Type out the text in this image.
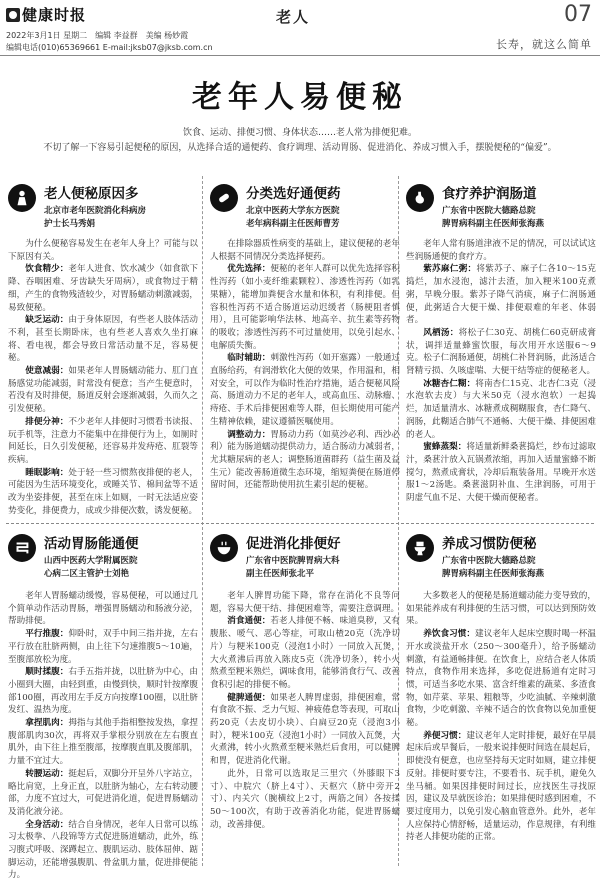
健康时报	老人	07
2022年3月1日 星期二　编辑 李益群　美编 杨妙霞
编辑电话(010)65369661 E-mail:jksb07@jksb.com.cn	长寿，就这么简单
老年人易便秘
饮食、运动、排便习惯、身体状态……老人常为排便犯难。
不切了解一下容易引起便秘的原因，从选择合适的通便药、食疗调理、活动胃肠、促进消化、养成习惯入手，摆脱便秘的“偏爱”。
老人便秘原因多
北京市老年医院消化科病房
护士长马秀娟

为什么便秘容易发生在老年人身上？可能与以下原因有关。

饮食精少：老年人进食、饮水减少（如食欲下降、吞咽困难、牙齿缺失牙周病），或食物过于精细，产生的食物残渣较少，对胃肠蠕动刺激减弱，易致便秘。

缺乏运动：由于身体原因，有些老人肢体活动不利，甚至长期卧床，也有些老人喜欢久坐打麻将、看电视，都会导致日常活动量不足，容易便秘。

使意减弱：如果老年人胃肠蠕动能力、肛门直肠感觉功能减弱，时常没有便意；当产生便意时，若没有及时排便，肠道反射会逐渐减弱，久而久之引发便秘。

排便分神：不少老年人排便时习惯看书读报、玩手机等，注意力不能集中在排便行为上，如厕时间延长，日久引发便秘，还容易并发痔疮、肛裂等疾病。

睡眠影响：处于轻一些习惯熬夜排便的老人，可能因为生活环境变化，或睡关节、棉间盆等不适改为坐姿排便，甚至在床上如厕，一时无法适应姿势变化，排便费力，成或少排便次数，诱发便秘。

分类选好通便药
北京中医药大学东方医院
老年病科副主任医师曹芳

在排除器质性病变的基础上，建议便秘的老年人根据不同情况分类选择便药。

优先选择：便秘的老年人群可以优先选择容积性泻药（如小麦纤维素颗粒）、渗透性泻药（如乳果糖），能增加粪便含水量和体积，有利排便。但容积性泻药不适合肠道运动迟缓者（肠梗阻者慎用），且可能影响华法林、地高辛、抗生素等药物的吸收；渗透性泻药不可过量使用，以免引起水、电解质失衡。

临时辅助：刺激性泻药（如开塞露）一般通过直肠给药，有润滑软化大便的效果，作用温和，相对安全，可以作为临时性治疗措施，适合便秘风险高、肠道动力不足的老年人，或高血压、动脉瘤、痔疮、手术后排便困难等人群，但长期使用可能产生精神依赖，建议遵循医嘱使用。

调整动力：胃肠动力药（如莫沙必利、西沙必利）能为肠道蠕动提供动力，适合肠动力减弱者，尤其糖尿病的老人；调整肠道菌群药（益生菌及益生元）能改善肠道微生态环境，缩短粪便在肠道停留时间，还能帮助使用抗生素引起的便秘。

食疗养护润肠道
广东省中医院大德路总院
脾胃病科副主任医师张海燕

老年人常有肠道津液不足的情况，可以试试这些润肠通便的食疗方。

紫苏麻仁粥：将紫苏子、麻子仁各10～15克捣烂，加水浸泡，滤汁去渣，加入粳米100克煮粥，早晚分服。紫苏子降气消痰，麻子仁润肠通便，此粥适合大便干燥、排便艰难的年老、体弱者。

风栖汤：将松子仁30克、胡桃仁60克研成膏状，调拌适量蜂蜜饮服，每次用开水送服6～9克。松子仁润肠通便，胡桃仁补肾润肠，此汤适合肾精亏损、久咳虚喘、大便干结等症的便秘老人。

冰糖杏仁糊：将南杏仁15克、北杏仁3克（浸水泡软去皮）与大米50克（浸水泡软）一起捣烂，加适量清水、冰糖煮成稠糊服食，杏仁降气、润肠，此糊适合肺气不通畅、大便干燥、排便困难的老人。

蜜蜂蒸梨：将适量新鲜桑葚捣烂，纱布过滤取汁，桑葚汁放入瓦锅煮浓缩，再加入适量蜜蜂不断搅匀，熬煮成膏状，冷却后瓶装备用。早晚开水送服1～2汤匙。桑葚滋阴补血、生津润肠，可用于阴虚气血不足、大便干燥而便秘者。

活动胃肠能通便
山西中医药大学附属医院
心病二区主管护士刘艳

老年人胃肠蠕动缓慢，容易便秘，可以通过几个简单动作活动胃肠，增强胃肠蠕动和肠液分泌，帮助排便。

平行推腹：仰卧时，双手中间三指并拢，左右平行放在肚脐两侧，由上往下匀速推腹5～10遍，至腹部放松为度。

顺时揉腹：右手五指并拢，以肚脐为中心，由小圈到大圈，由轻到重，由慢到快，顺时针按摩腹部100圈，再改用左手反方向按摩100圈，以肚脐发红、温热为度。

拿捏肌肉：拇指与其他手指相整按发热，拿捏腹部肌肉30次，再将双手掌根分别放在左右腹直肌外，由下往上推至腹部，按摩腹直肌及腹部肌，力量不宜过大。

转腰运动：挺起后，双脚分开呈外八字站立，略比肩宽，上身正直，以肚脐为轴心，左右转动腰部，力度不宜过大，可促进消化道，促进胃肠蠕动及消化液分泌。

全身活动：结合自身情况，老年人日常可以练习太极拳、八段锦等方式促进肠道蠕动，此外，练习腹式呼吸、深蹲起立、腹肌运动、肢体屈伸、踮脚运动，还能增强腹肌、骨盆肌力量，促进排便能力。

促进消化排便好
广东省中医院脾胃病大科
副主任医师张北平

老年人脾胃功能下降，常存在消化不良等问题，容易大便干结、排便困难等，需要注意调理。

消食通便：若老人排便不畅、味道臭秽，又有腹胀、嗳气、恶心等症，可取山楂20克（洗净切片）与粳米100克（浸泡1小时）一同放入瓦煲，大火煮沸后再放入陈皮5克（洗净切条），转小火熬煮至粳米熟烂，调味食用，能够消食行气、改善食积引起的排便不畅。

健脾通便：如果老人脾胃虚弱，排便困难，常有食欲不振、乏力气短、神疲倦怠等表现，可取山药20克（去皮切小块）、白扁豆20克（浸泡3小时），粳米100克（浸泡1小时）一同放入瓦煲，大火煮沸，转小火熬煮至粳米熟烂后食用，可以健脾和胃，促进消化代谢。

此外，日常可以选取足三里穴（外膝眼下3寸）、中脘穴（脐上4寸）、天枢穴（脐中旁开2寸）、内关穴（腕横纹上2寸，两筋之间）各按揉50～100次，有助于改善消化功能，促进胃肠蠕动，改善排便。

养成习惯防便秘
广东省中医院大德路总院
脾胃病科副主任医师张海燕

大多数老人的便秘是肠道蠕动能力变导致的，如果能养成有利排便的生活习惯，可以达到预防效果。

养饮食习惯：建议老年人起床空腹时喝一杯温开水或淡盐开水（250～300毫升），给予肠蠕动刺激，有益通畅排便。在饮食上，应结合老人体质特点，食物作用来选择，多吃促进肠道有定时习惯，可适当多吃水果、富含纤维素的蔬菜、多渣食物，如芹菜、苹果、粗粮等，少吃油腻、辛辣刺激食物，少吃刺激、辛辣不适合的饮食物以免加重便秘。

养便习惯：建议老年人定时排便，最好在早晨起床后或早餐后，一般来说排便时间选在晨起后，即使没有便意，也应坚持每天定时如厕，建立排便反射。排便时要专注，不要看书、玩手机，避免久坐马桶。如果因排便时间过长，应找医生寻找原因，建议及早就医诊治；如果排便时感到困难，不要过度用力，以免引发心脑血管意外。此外，老年人应保持心情舒畅，适量运动，作息规律，有利维持老人排便功能的正常。
